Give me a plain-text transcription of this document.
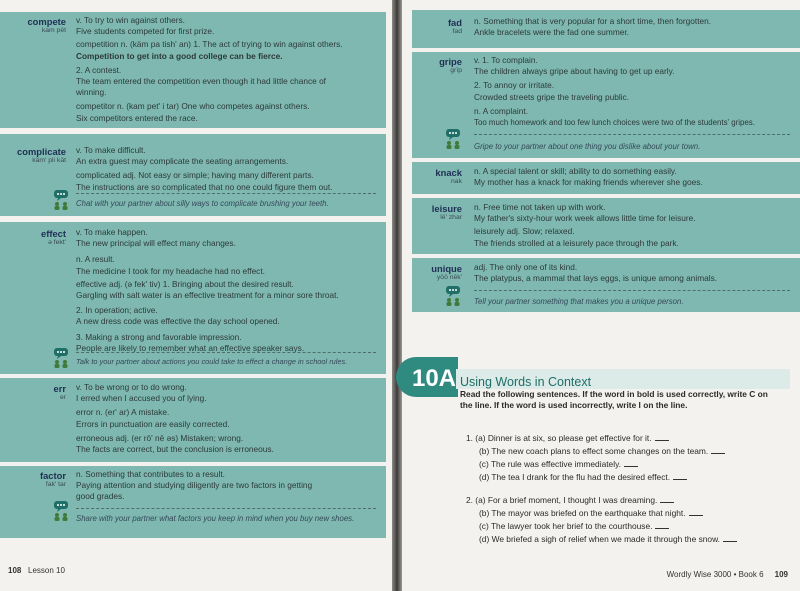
compete
kam pēt
v. To try to win against others.
Five students competed for first prize.
competition n. (käm pa tish' an) 1. The act of trying to win against others.
Competition to get into a good college can be fierce.
2. A contest.
The team entered the competition even though it had little chance of
winning.
competitor n. (kam pet' i tar) One who competes against others.
Six competitors entered the race.
complicate
käm' pli kāt
v. To make difficult.
An extra guest may complicate the seating arrangements.
complicated adj. Not easy or simple; having many different parts.
The instructions are so complicated that no one could figure them out.
Chat with your partner about silly ways to complicate brushing your teeth.
effect
ə fekt'
v. To make happen.
The new principal will effect many changes.
n. A result.
The medicine I took for my headache had no effect.
effective adj. (ə fek' tiv) 1. Bringing about the desired result.
Gargling with salt water is an effective treatment for a minor sore throat.
2. In operation; active.
A new dress code was effective the day school opened.
3. Making a strong and favorable impression.
People are likely to remember what an effective speaker says.
Talk to your partner about actions you could take to effect a change in school rules.
err
er
v. To be wrong or to do wrong.
I erred when I accused you of lying.
error n. (er' ar) A mistake.
Errors in punctuation are easily corrected.
erroneous adj. (er rō' nē əs) Mistaken; wrong.
The facts are correct, but the conclusion is erroneous.
factor
fak' tar
n. Something that contributes to a result.
Paying attention and studying diligently are two factors in getting
good grades.
Share with your partner what factors you keep in mind when you buy new shoes.
108 Lesson 10
fad
fad
n. Something that is very popular for a short time, then forgotten.
Ankle bracelets were the fad one summer.
gripe
grīp
v. 1. To complain.
The children always gripe about having to get up early.
2. To annoy or irritate.
Crowded streets gripe the traveling public.
n. A complaint.
Too much homework and too few lunch choices were two of the students' gripes.
Gripe to your partner about one thing you dislike about your town.
knack
nak
n. A special talent or skill; ability to do something easily.
My mother has a knack for making friends wherever she goes.
leisure
lē' zhar
n. Free time not taken up with work.
My father's sixty-hour work week allows little time for leisure.
leisurely adj. Slow; relaxed.
The friends strolled at a leisurely pace through the park.
unique
yōō nēk'
adj. The only one of its kind.
The platypus, a mammal that lays eggs, is unique among animals.
Tell your partner something that makes you a unique person.
Wordly Wise 3000 • Book 6 109
10A Using Words in Context
Read the following sentences. If the word in bold is used correctly, write C on the line. If the word is used incorrectly, write I on the line.
1. (a) Dinner is at six, so please get effective for it.
(b) The new coach plans to effect some changes on the team.
(c) The rule was effective immediately.
(d) The tea I drank for the flu had the desired effect.
2. (a) For a brief moment, I thought I was dreaming.
(b) The mayor was briefed on the earthquake that night.
(c) The lawyer took her brief to the courthouse.
(d) We briefed a sigh of relief when we made it through the snow.
